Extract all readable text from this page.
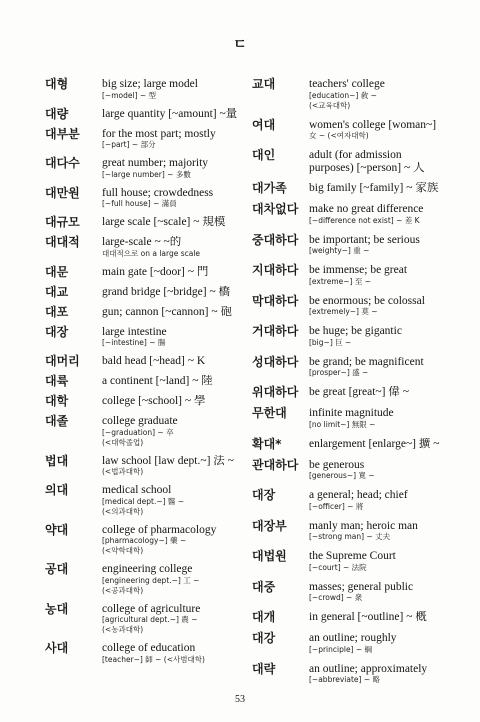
ㄷ
대형	big size; large model
[~model] ~ 型
대량	large quantity [~amount] ~量
대부분	for the most part; mostly
[~part] ~ 部分
대다수	great number; majority
[~large number] ~ 多數
대만원	full house; crowdedness
[~full house] ~ 滿員
대규모	large scale [~scale] ~ 規模
대대적	large-scale ~ ~的
대대적으로 on a large scale
대문	main gate [~door] ~ 門
대교	grand bridge [~bridge] ~ 橋
대포	gun; cannon [~cannon] ~ 砲
대장	large intestine
[~intestine] ~ 腸
대머리	bald head [~head] ~ K
대륙	a continent [~land] ~ 陸
대학	college [~school] ~ 學
대졸	college graduate
[~graduation] ~ 卒
(<대학졸업)
법대	law school [law dept.~] 法 ~
(<법과대학)
의대	medical school
[medical dept.~] 醫 ~
(<의과대학)
약대	college of pharmacology
[pharmacology~] 藥 ~
(<약학대학)
공대	engineering college
[engineering dept.~] 工 ~
(<공과대학)
농대	college of agriculture
[agricultural dept.~] 農 ~
(<농과대학)
사대	college of education
[teacher~] 師 ~ (<사범대학)
교대	teachers' college
[education~] 敎 ~
(<교육대학)
여대	women's college [woman~]
女 ~ (<여자대학)
대인	adult (for admission
purposes) [~person] ~ 人
대가족	big family [~family] ~ 家族
대차없다 make no great difference
[~difference not exist] ~ 差 K
중대하다 be important; be serious
[weighty~] 重 ~
지대하다 be immense; be great
[extreme~] 至 ~
막대하다 be enormous; be colossal
[extremely~] 莫 ~
거대하다 be huge; be gigantic
[big~] 巨 ~
성대하다 be grand; be magnificent
[prosper~] 盛 ~
위대하다 be great [great~] 偉 ~
무한대	infinite magnitude
[no limit~] 無限 ~
확대*	enlargement [enlarge~] 擴 ~
관대하다 be generous
[generous~] 寬 ~
대장	a general; head; chief
[~officer] ~ 將
대장부	manly man; heroic man
[~strong man] ~ 丈夫
대법원	the Supreme Court
[~court] ~ 法院
대중	masses; general public
[~crowd] ~ 衆
대개	in general [~outline] ~ 槪
대강	an outline; roughly
[~principle] ~ 綱
대략	an outline; approximately
[~abbreviate] ~ 略
53
